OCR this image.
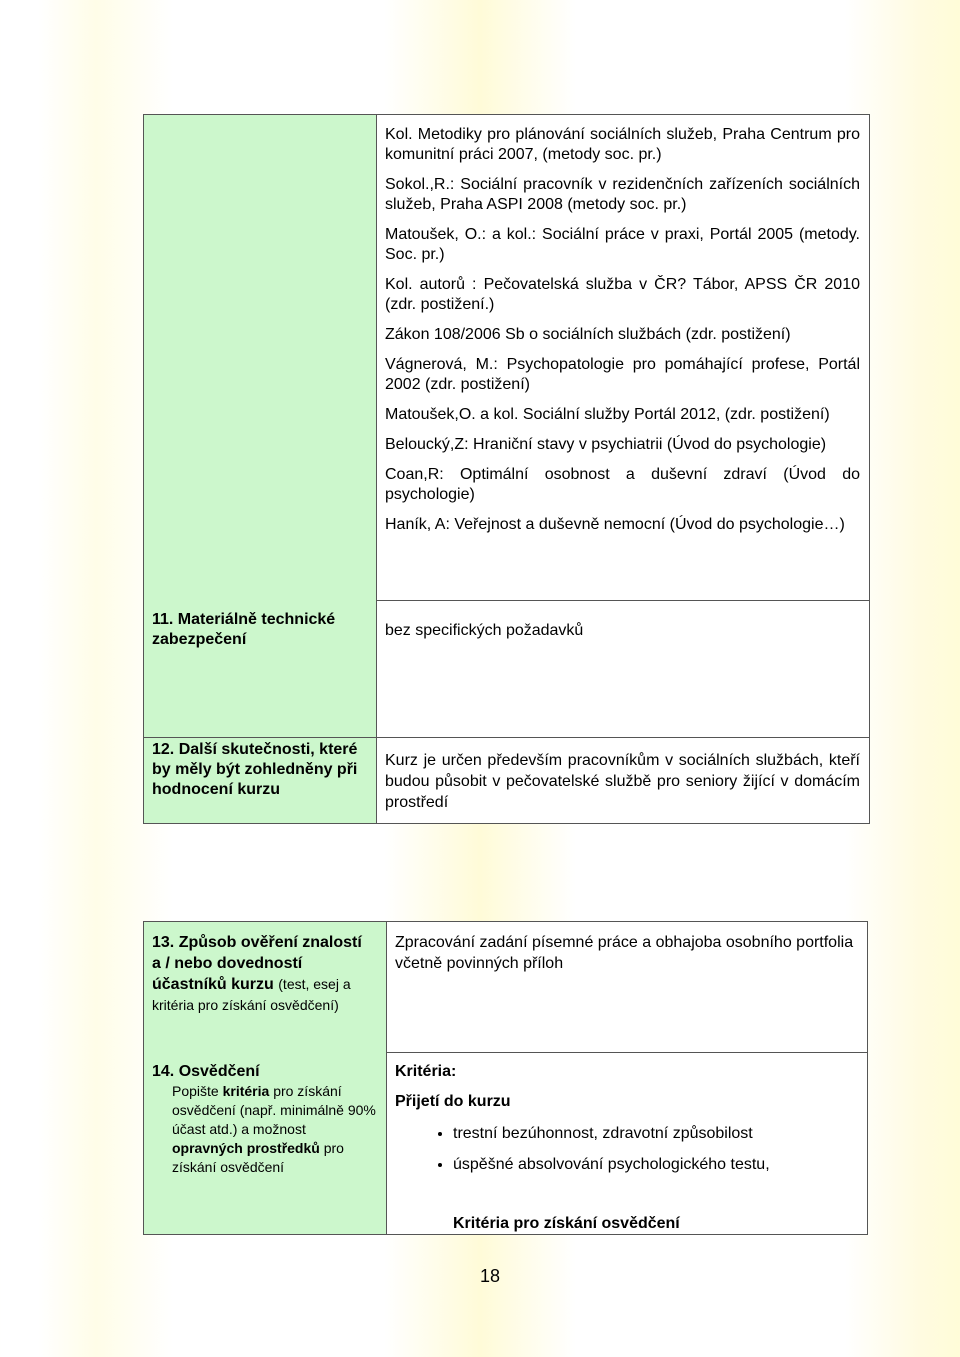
11. Materiálně technické zabezpečení

Kol. Metodiky pro plánování sociálních služeb, Praha Centrum pro komunitní práci 2007, (metody soc. pr.)

Sokol.,R.: Sociální pracovník v rezidenčních zařízeních sociálních služeb, Praha ASPI 2008 (metody soc. pr.)

Matoušek, O.: a kol.: Sociální práce v praxi, Portál 2005 (metody. Soc. pr.)

Kol. autorů : Pečovatelská služba v ČR? Tábor, APSS ČR 2010 (zdr. postižení.)

Zákon 108/2006 Sb o sociálních službách (zdr. postižení)

Vágnerová, M.: Psychopatologie pro pomáhající profese, Portál 2002 (zdr. postižení)

Matoušek,O. a kol. Sociální služby Portál 2012, (zdr. postižení)

Beloucký,Z: Hraniční stavy v psychiatrii (Úvod do psychologie)

Coan,R: Optimální osobnost a duševní zdraví (Úvod do psychologie)

Haník, A: Veřejnost a duševně nemocní (Úvod do psychologie…)

bez specifických požadavků
12. Další skutečnosti, které by měly být zohledněny při hodnocení kurzu
Kurz je určen především pracovníkům v sociálních službách, kteří budou působit v pečovatelské službě pro seniory žijící v domácím prostředí
13. Způsob ověření znalostí a / nebo dovedností účastníků kurzu (test, esej a kritéria pro získání osvědčení)
14. Osvědčení
Popište kritéria pro získání osvědčení (např. minimálně 90% účast atd.) a možnost opravných prostředků pro získání osvědčení
Zpracování zadání písemné práce a obhajoba osobního portfolia včetně povinných příloh
Kritéria:
Přijetí do kurzu
• trestní bezúhonnost, zdravotní způsobilost
• úspěšné absolvování psychologického testu,
Kritéria pro získání osvědčení
18
